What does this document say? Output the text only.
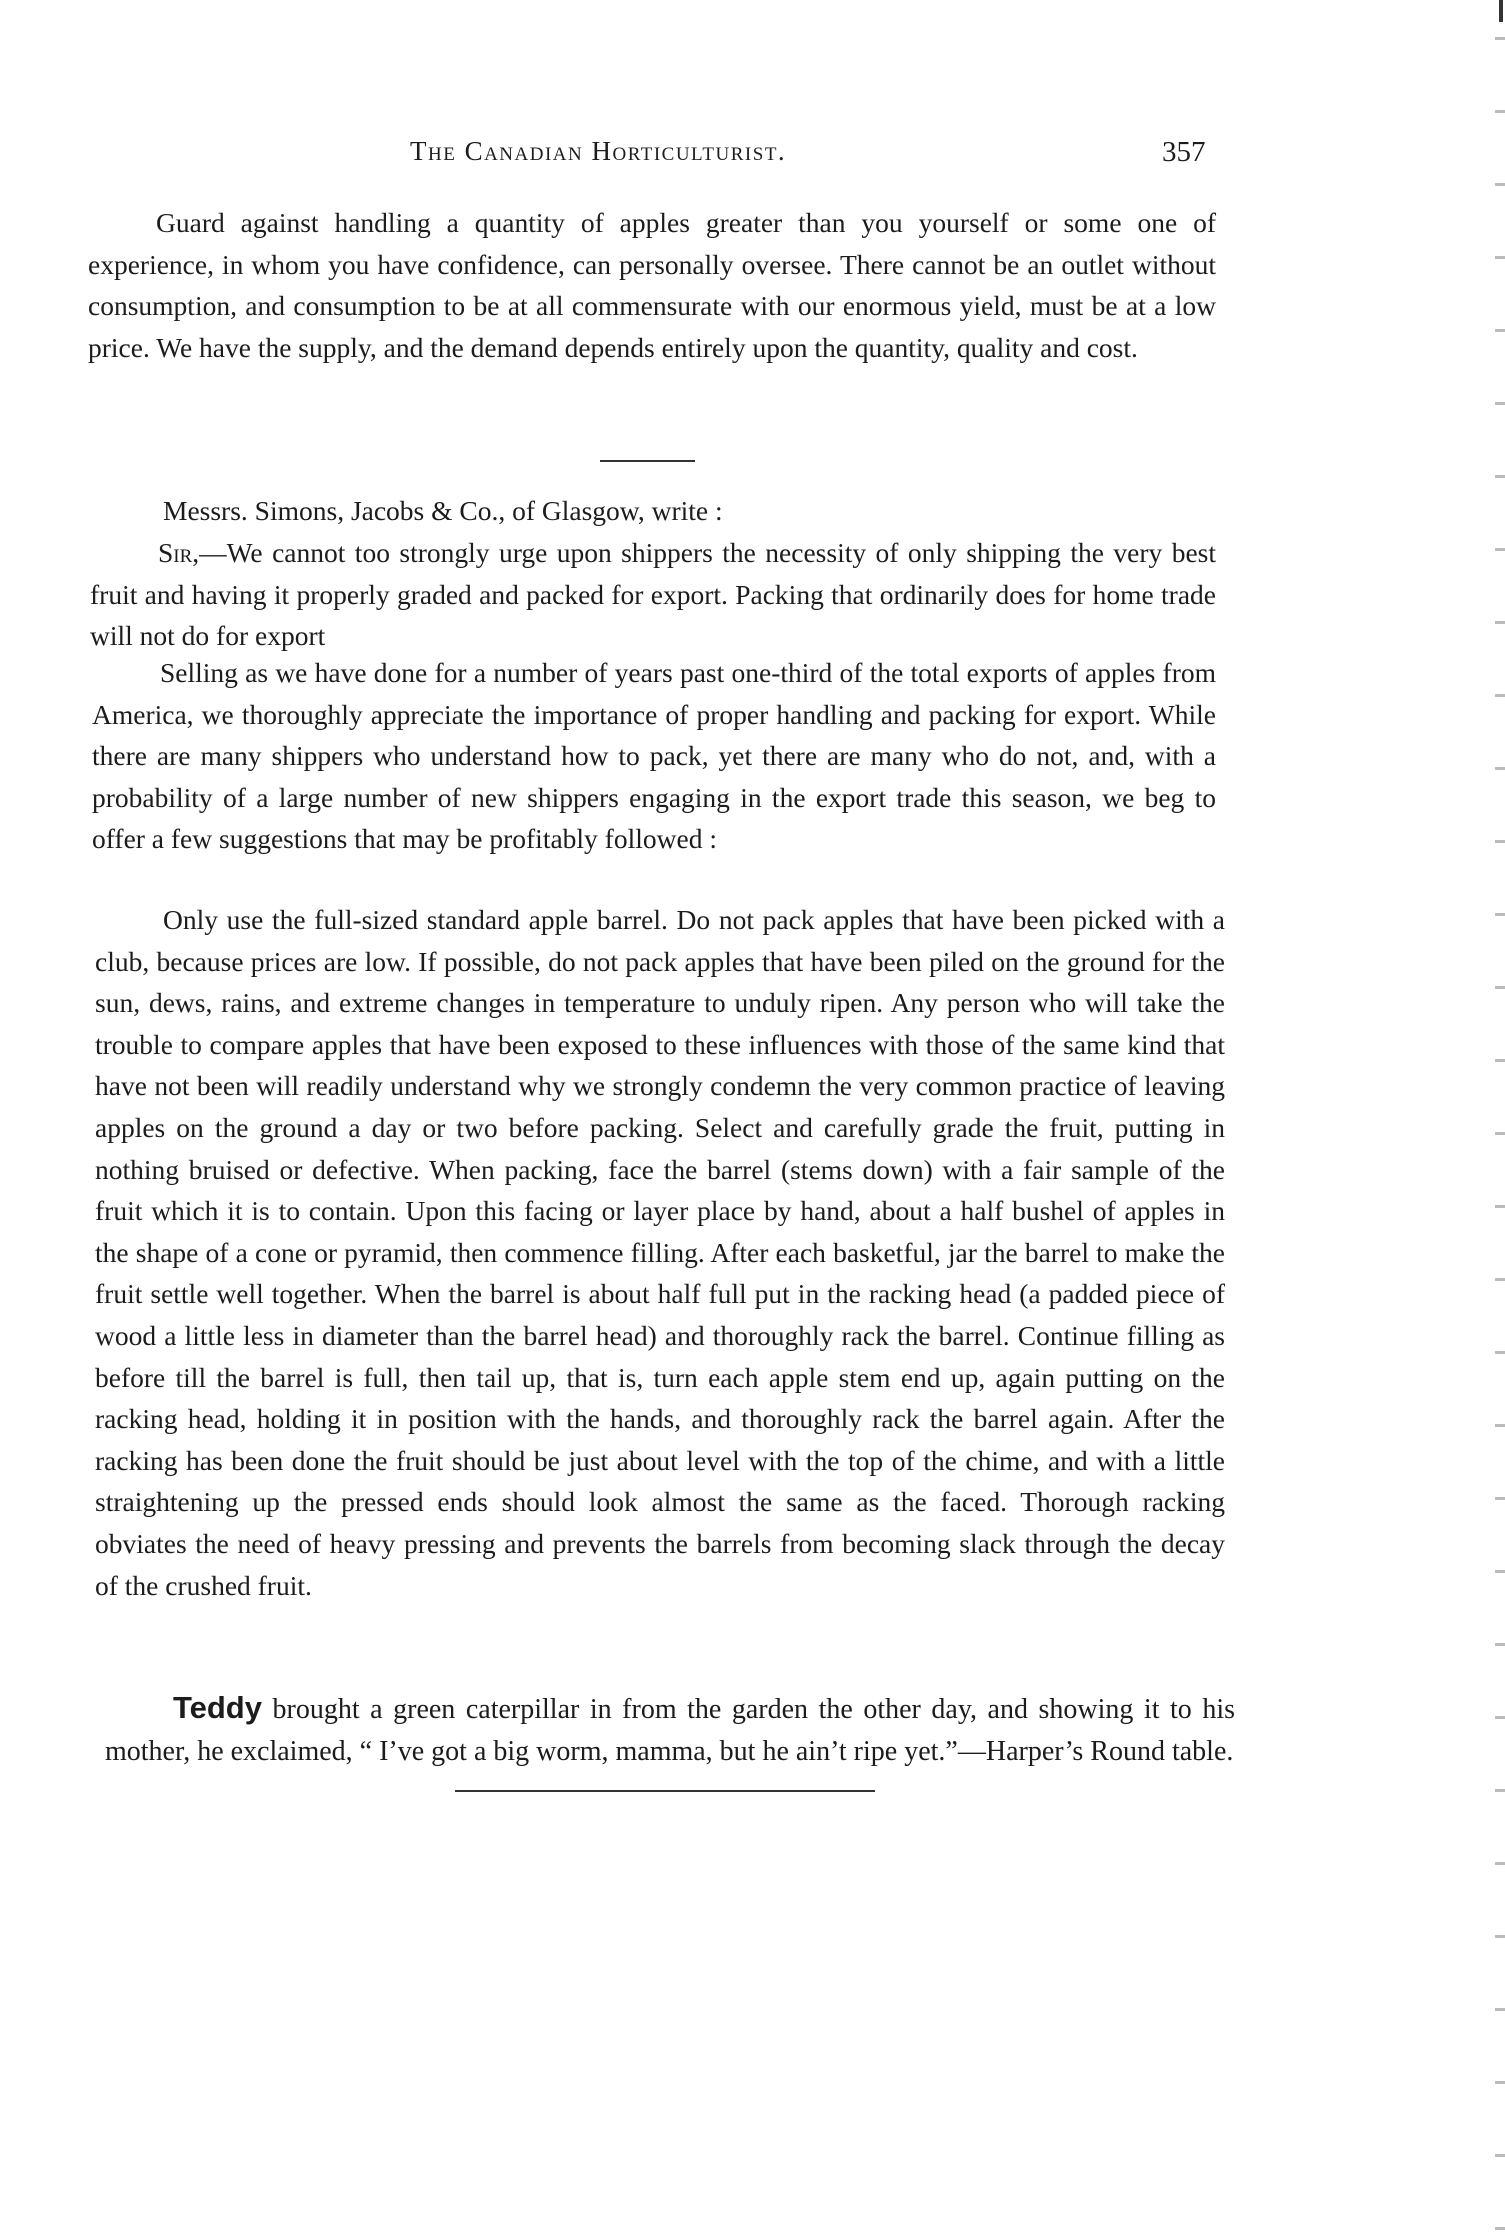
The Canadian Horticulturist.	357

Guard against handling a quantity of apples greater than you yourself or some one of experience, in whom you have confidence, can personally oversee. There cannot be an outlet without consumption, and consumption to be at all commensurate with our enormous yield, must be at a low price. We have the supply, and the demand depends entirely upon the quantity, quality and cost.

Messrs. Simons, Jacobs & Co., of Glasgow, write :

Sir,—We cannot too strongly urge upon shippers the necessity of only shipping the very best fruit and having it properly graded and packed for export. Packing that ordinarily does for home trade will not do for export

Selling as we have done for a number of years past one-third of the total exports of apples from America, we thoroughly appreciate the importance of proper handling and packing for export. While there are many shippers who understand how to pack, yet there are many who do not, and, with a probability of a large number of new shippers engaging in the export trade this season, we beg to offer a few suggestions that may be profitably followed :

Only use the full-sized standard apple barrel. Do not pack apples that have been picked with a club, because prices are low. If possible, do not pack apples that have been piled on the ground for the sun, dews, rains, and extreme changes in temperature to unduly ripen. Any person who will take the trouble to compare apples that have been exposed to these influences with those of the same kind that have not been will readily understand why we strongly condemn the very common practice of leaving apples on the ground a day or two before packing. Select and carefully grade the fruit, putting in nothing bruised or defective. When packing, face the barrel (stems down) with a fair sample of the fruit which it is to contain. Upon this facing or layer place by hand, about a half bushel of apples in the shape of a cone or pyramid, then commence filling. After each basketful, jar the barrel to make the fruit settle well together. When the barrel is about half full put in the racking head (a padded piece of wood a little less in diameter than the barrel head) and thoroughly rack the barrel. Continue filling as before till the barrel is full, then tail up, that is, turn each apple stem end up, again putting on the racking head, holding it in position with the hands, and thoroughly rack the barrel again. After the racking has been done the fruit should be just about level with the top of the chime, and with a little straightening up the pressed ends should look almost the same as the faced. Thorough racking obviates the need of heavy pressing and prevents the barrels from becoming slack through the decay of the crushed fruit.

Teddy brought a green caterpillar in from the garden the other day, and showing it to his mother, he exclaimed, “ I’ve got a big worm, mamma, but he ain’t ripe yet.”—Harper’s Round table.
